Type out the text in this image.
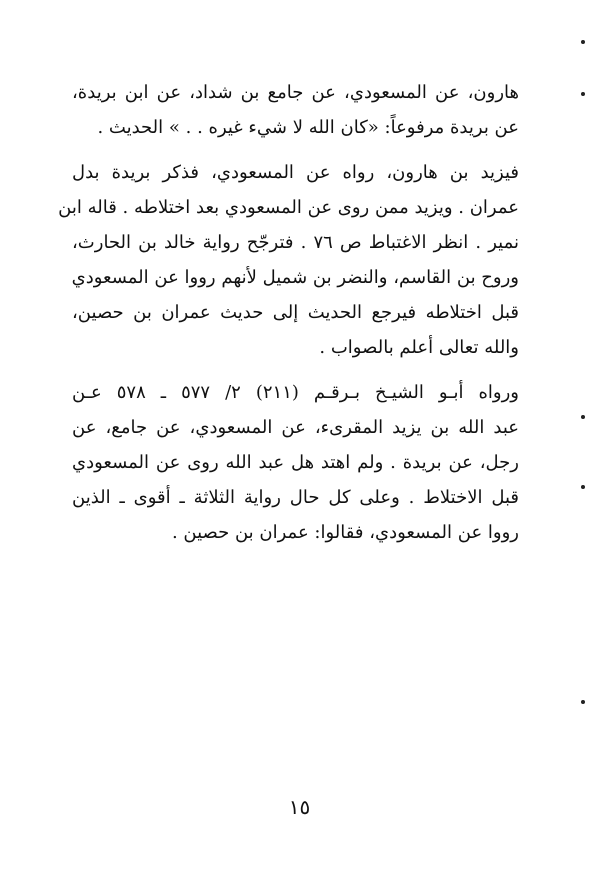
هارون، عن المسعودي، عن جامع بن شداد، عن ابن بريدة،
عن بريدة مرفوعاً: «كان الله لا شيء غيره . . » الحديث .

فيزيد بن هارون، رواه عن المسعودي، فذكر بريدة بدل
عمران . ويزيد ممن روى عن المسعودي بعد اختلاطه . قاله ابن
نمير . انظر الاغتباط ص ٧٦ . فترجّح رواية خالد بن الحارث،
وروح بن القاسم، والنضر بن شميل لأنهم رووا عن المسعودي
قبل اختلاطه فيرجع الحديث إلى حديث عمران بن حصين،
والله تعالى أعلم بالصواب .

ورواه أبـو الشيـخ بـرقـم (٢١١) ٢/ ٥٧٧ ـ ٥٧٨ عـن
عبد الله بن يزيد المقرىء، عن المسعودي، عن جامع، عن
رجل، عن بريدة . ولم اهتد هل عبد الله روى عن المسعودي
قبل الاختلاط . وعلى كل حال رواية الثلاثة ـ أقوى ـ الذين
رووا عن المسعودي، فقالوا: عمران بن حصين .

١٥
